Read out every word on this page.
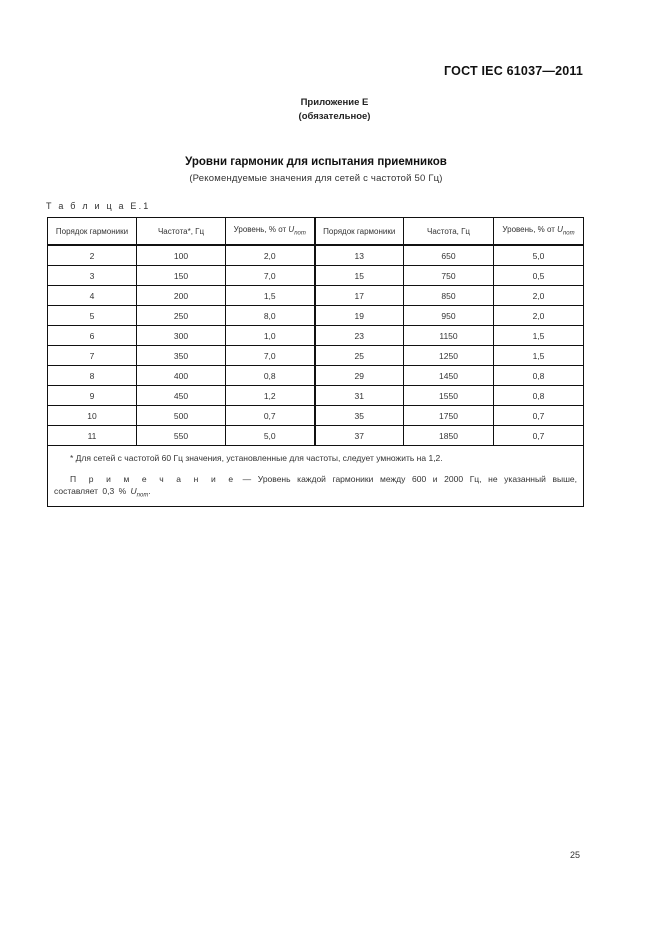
ГОСТ IEC 61037—2011
Приложение Е
(обязательное)
Уровни гармоник для испытания приемников
(Рекомендуемые значения для сетей с частотой 50 Гц)
Т а б л и ц а Е.1
Порядок гармоники	Частота*, Гц	Уровень, % от $U_{nom}$	Порядок гармоники	Частота, Гц	Уровень, % от $U_{nom}$
2	100	2,0	13	650	5,0
3	150	7,0	15	750	0,5
4	200	1,5	17	850	2,0
5	250	8,0	19	950	2,0
6	300	1,0	23	1150	1,5
7	350	7,0	25	1250	1,5
8	400	0,8	29	1450	0,8
9	450	1,2	31	1550	0,8
10	500	0,7	35	1750	0,7
11	550	5,0	37	1850	0,7

* Для сетей с частотой 60 Гц значения, установленные для частоты, следует умножить на 1,2.

П р и м е ч а н и е — Уровень каждой гармоники между 600 и 2000 Гц, не указанный выше, составляет 0,3 % $U_{nom}$.					

25
